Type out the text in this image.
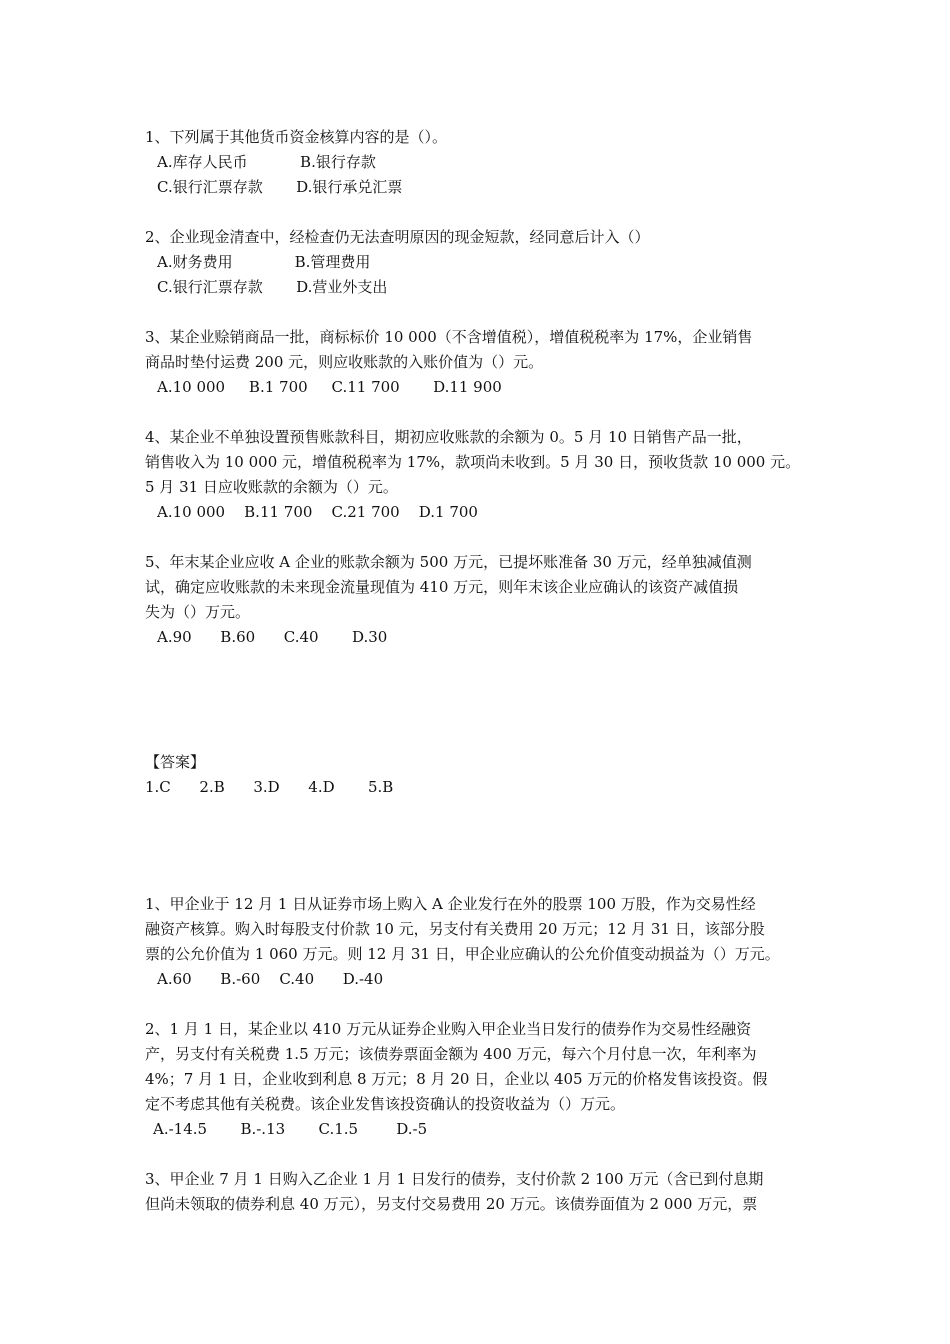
1、下列属于其他货币资金核算内容的是（）。

A.库存人民币           B.银行存款
C.银行汇票存款       D.银行承兑汇票

2、企业现金清查中，经检查仍无法查明原因的现金短款，经同意后计入（）

A.财务费用             B.管理费用
C.银行汇票存款       D.营业外支出

3、某企业赊销商品一批，商标标价 10 000（不含增值税），增值税税率为 17%，企业销售

商品时垫付运费 200 元，则应收账款的入账价值为（）元。

A.10 000     B.1 700     C.11 700       D.11 900

4、某企业不单独设置预售账款科目，期初应收账款的余额为 0。5 月 10 日销售产品一批，

销售收入为 10 000 元，增值税税率为 17%，款项尚未收到。5 月 30 日，预收货款 10 000 元。

5 月 31 日应收账款的余额为（）元。

A.10 000    B.11 700    C.21 700    D.1 700

5、年末某企业应收 A 企业的账款余额为 500 万元，已提坏账准备 30 万元，经单独减值测

试，确定应收账款的未来现金流量现值为 410 万元，则年末该企业应确认的该资产减值损

失为（）万元。

A.90      B.60      C.40       D.30

【答案】

1.C      2.B      3.D      4.D       5.B

1、甲企业于 12 月 1 日从证券市场上购入 A 企业发行在外的股票 100 万股，作为交易性经

融资产核算。购入时每股支付价款 10 元，另支付有关费用 20 万元；12 月 31 日，该部分股

票的公允价值为 1 060 万元。则 12 月 31 日，甲企业应确认的公允价值变动损益为（）万元。

A.60      B.-60    C.40      D.-40

2、1 月 1 日，某企业以 410 万元从证券企业购入甲企业当日发行的债券作为交易性经融资

产，另支付有关税费 1.5 万元；该债券票面金额为 400 万元，每六个月付息一次，年利率为

4%；7 月 1 日，企业收到利息 8 万元；8 月 20 日，企业以 405 万元的价格发售该投资。假

定不考虑其他有关税费。该企业发售该投资确认的投资收益为（）万元。

A.-14.5       B.-.13       C.1.5        D.-5

3、甲企业 7 月 1 日购入乙企业 1 月 1 日发行的债券，支付价款 2 100 万元（含已到付息期

但尚未领取的债券利息 40 万元），另支付交易费用 20 万元。该债券面值为 2 000 万元，票
